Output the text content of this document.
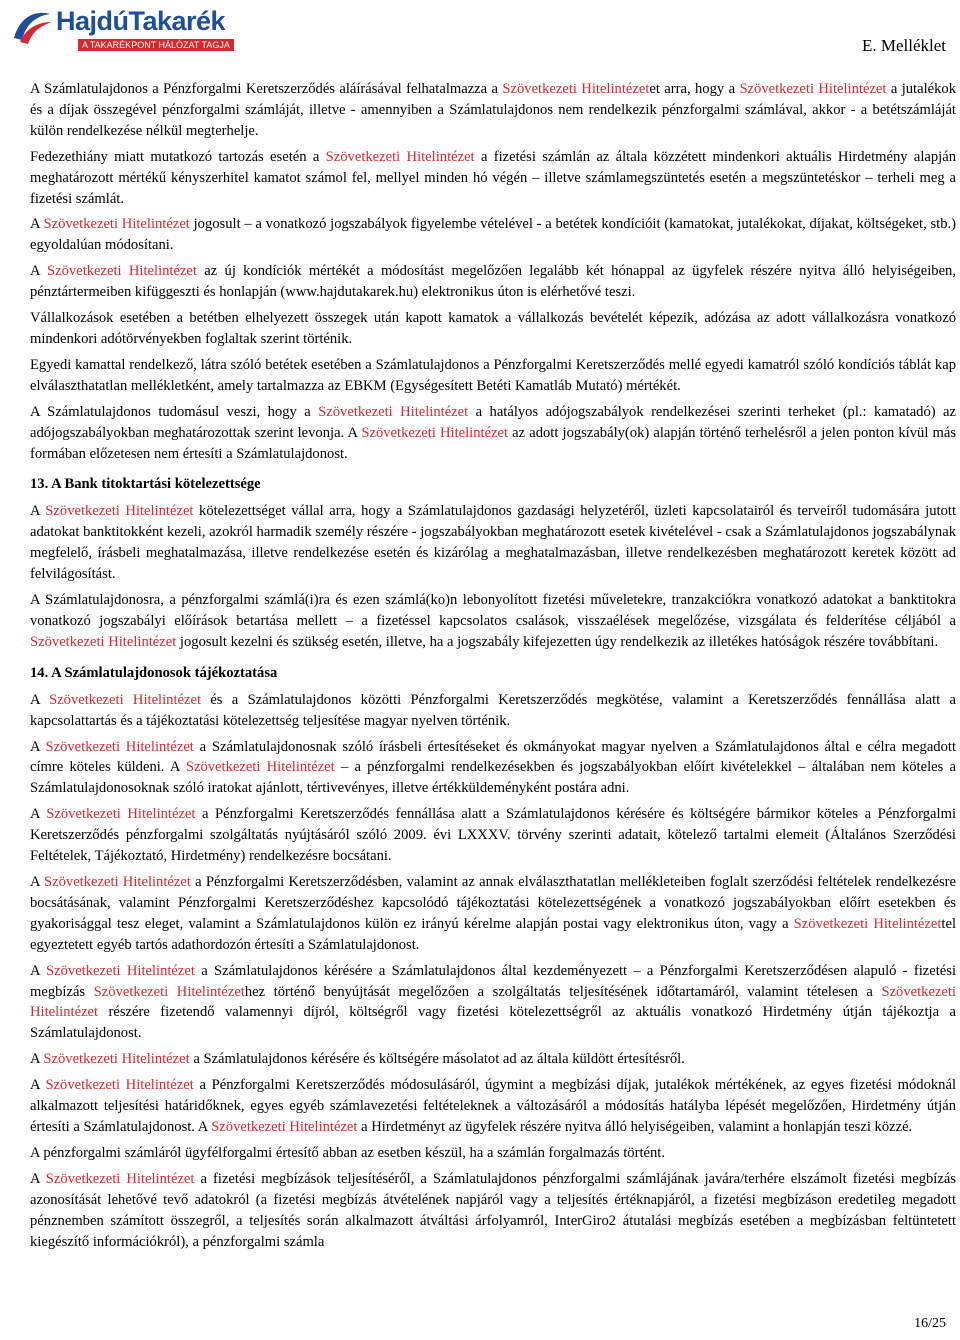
HajdúTakarék
A TAKARÉKPONT HÁLÓZAT TAGJA	E. Melléklet

A Számlatulajdonos a Pénzforgalmi Keretszerződés aláírásával felhatalmazza a Szövetkezeti Hitelintézetet arra, hogy a Szövetkezeti Hitelintézet a jutalékok és a díjak összegével pénzforgalmi számláját, illetve - amennyiben a Számlatulajdonos nem rendelkezik pénzforgalmi számlával, akkor - a betétszámláját külön rendelkezése nélkül megterhelje.

Fedezethiány miatt mutatkozó tartozás esetén a Szövetkezeti Hitelintézet a fizetési számlán az általa közzétett mindenkori aktuális Hirdetmény alapján meghatározott mértékű kényszerhitel kamatot számol fel, mellyel minden hó végén – illetve számlamegszüntetés esetén a megszüntetéskor – terheli meg a fizetési számlát.

A Szövetkezeti Hitelintézet jogosult – a vonatkozó jogszabályok figyelembe vételével - a betétek kondícióit (kamatokat, jutalékokat, díjakat, költségeket, stb.) egyoldalúan módosítani.

A Szövetkezeti Hitelintézet az új kondíciók mértékét a módosítást megelőzően legalább két hónappal az ügyfelek részére nyitva álló helyiségeiben, pénztártermeiben kifüggeszti és honlapján (www.hajdutakarek.hu) elektronikus úton is elérhetővé teszi.

Vállalkozások esetében a betétben elhelyezett összegek után kapott kamatok a vállalkozás bevételét képezik, adózása az adott vállalkozásra vonatkozó mindenkori adótörvényekben foglaltak szerint történik.

Egyedi kamattal rendelkező, látra szóló betétek esetében a Számlatulajdonos a Pénzforgalmi Keretszerződés mellé egyedi kamatról szóló kondíciós táblát kap elválaszthatatlan mellékletként, amely tartalmazza az EBKM (Egységesített Betéti Kamatláb Mutató) mértékét.

A Számlatulajdonos tudomásul veszi, hogy a Szövetkezeti Hitelintézet a hatályos adójogszabályok rendelkezései szerinti terheket (pl.: kamatadó) az adójogszabályokban meghatározottak szerint levonja. A Szövetkezeti Hitelintézet az adott jogszabály(ok) alapján történő terhelésről a jelen ponton kívül más formában előzetesen nem értesíti a Számlatulajdonost.

13. A Bank titoktartási kötelezettsége

A Szövetkezeti Hitelintézet kötelezettséget vállal arra, hogy a Számlatulajdonos gazdasági helyzetéről, üzleti kapcsolatairól és terveiről tudomására jutott adatokat banktitokként kezeli, azokról harmadik személy részére - jogszabályokban meghatározott esetek kivételével - csak a Számlatulajdonos jogszabálynak megfelelő, írásbeli meghatalmazása, illetve rendelkezése esetén és kizárólag a meghatalmazásban, illetve rendelkezésben meghatározott keretek között ad felvilágosítást.

A Számlatulajdonosra, a pénzforgalmi számlá(i)ra és ezen számlá(ko)n lebonyolított fizetési műveletekre, tranzakciókra vonatkozó adatokat a banktitokra vonatkozó jogszabályi előírások betartása mellett – a fizetéssel kapcsolatos csalások, visszaélések megelőzése, vizsgálata és felderítése céljából a Szövetkezeti Hitelintézet jogosult kezelni és szükség esetén, illetve, ha a jogszabály kifejezetten úgy rendelkezik az illetékes hatóságok részére továbbítani.

14. A Számlatulajdonosok tájékoztatása

A Szövetkezeti Hitelintézet és a Számlatulajdonos közötti Pénzforgalmi Keretszerződés megkötése, valamint a Keretszerződés fennállása alatt a kapcsolattartás és a tájékoztatási kötelezettség teljesítése magyar nyelven történik.

A Szövetkezeti Hitelintézet a Számlatulajdonosnak szóló írásbeli értesítéseket és okmányokat magyar nyelven a Számlatulajdonos által e célra megadott címre köteles küldeni. A Szövetkezeti Hitelintézet – a pénzforgalmi rendelkezésekben és jogszabályokban előírt kivételekkel – általában nem köteles a Számlatulajdonosoknak szóló iratokat ajánlott, tértivevényes, illetve értékküldeményként postára adni.

A Szövetkezeti Hitelintézet a Pénzforgalmi Keretszerződés fennállása alatt a Számlatulajdonos kérésére és költségére bármikor köteles a Pénzforgalmi Keretszerződés pénzforgalmi szolgáltatás nyújtásáról szóló 2009. évi LXXXV. törvény szerinti adatait, kötelező tartalmi elemeit (Általános Szerződési Feltételek, Tájékoztató, Hirdetmény) rendelkezésre bocsátani.

A Szövetkezeti Hitelintézet a Pénzforgalmi Keretszerződésben, valamint az annak elválaszthatatlan mellékleteiben foglalt szerződési feltételek rendelkezésre bocsátásának, valamint Pénzforgalmi Keretszerződéshez kapcsolódó tájékoztatási kötelezettségének a vonatkozó jogszabályokban előírt esetekben és gyakorisággal tesz eleget, valamint a Számlatulajdonos külön ez irányú kérelme alapján postai vagy elektronikus úton, vagy a Szövetkezeti Hitelintézettel egyeztetett egyéb tartós adathordozón értesíti a Számlatulajdonost.

A Szövetkezeti Hitelintézet a Számlatulajdonos kérésére a Számlatulajdonos által kezdeményezett – a Pénzforgalmi Keretszerződésen alapuló - fizetési megbízás Szövetkezeti Hitelintézethez történő benyújtását megelőzően a szolgáltatás teljesítésének időtartamáról, valamint tételesen a Szövetkezeti Hitelintézet részére fizetendő valamennyi díjról, költségről vagy fizetési kötelezettségről az aktuális vonatkozó Hirdetmény útján tájékoztja a Számlatulajdonost.

A Szövetkezeti Hitelintézet a Számlatulajdonos kérésére és költségére másolatot ad az általa küldött értesítésről.

A Szövetkezeti Hitelintézet a Pénzforgalmi Keretszerződés módosulásáról, úgymint a megbízási díjak, jutalékok mértékének, az egyes fizetési módoknál alkalmazott teljesítési határidőknek, egyes egyéb számlavezetési feltételeknek a változásáról a módosítás hatályba lépését megelőzően, Hirdetmény útján értesíti a Számlatulajdonost. A Szövetkezeti Hitelintézet a Hirdetményt az ügyfelek részére nyitva álló helyiségeiben, valamint a honlapján teszi közzé.

A pénzforgalmi számláról ügyfélforgalmi értesítő abban az esetben készül, ha a számlán forgalmazás történt.

A Szövetkezeti Hitelintézet a fizetési megbízások teljesítéséről, a Számlatulajdonos pénzforgalmi számlájának javára/terhére elszámolt fizetési megbízás azonosítását lehetővé tevő adatokról (a fizetési megbízás átvételének napjáról vagy a teljesítés értéknapjáról, a fizetési megbízáson eredetileg megadott pénznemben számított összegről, a teljesítés során alkalmazott átváltási árfolyamról, InterGiro2 átutalási megbízás esetében a megbízásban feltüntetett kiegészítő információkról), a pénzforgalmi számla

16/25
